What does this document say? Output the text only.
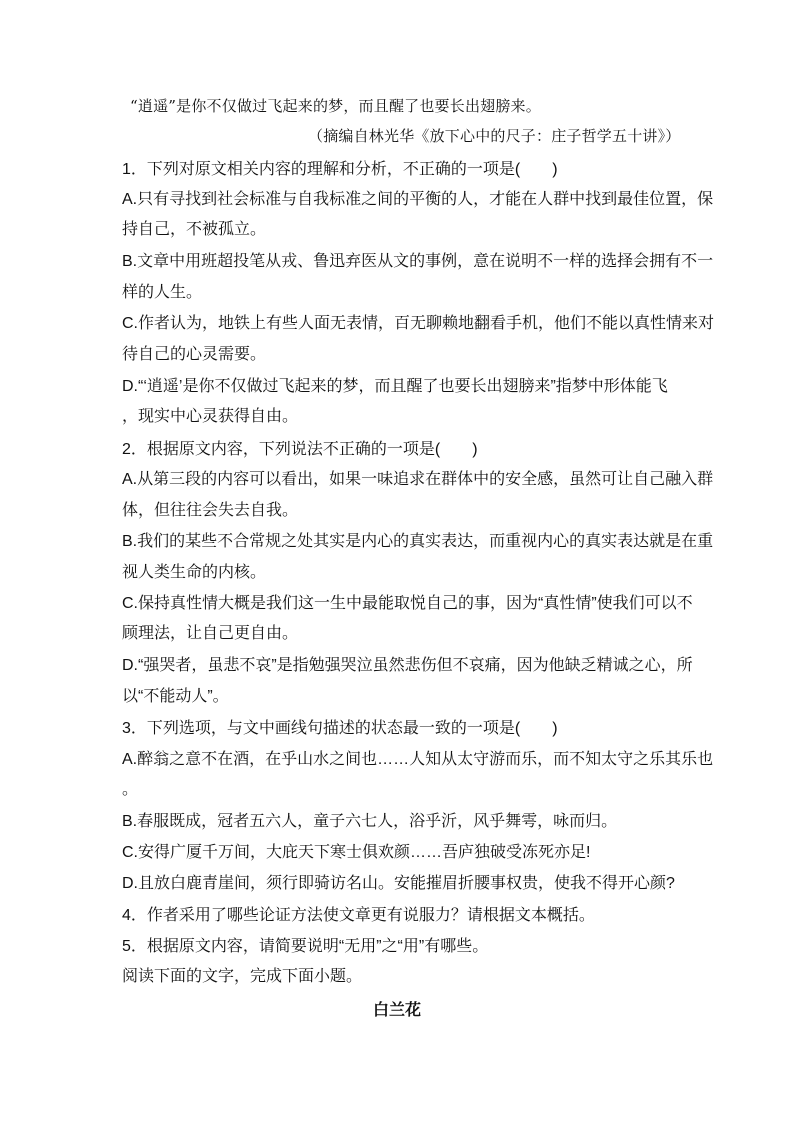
“逍遥”是你不仅做过飞起来的梦，而且醒了也要长出翅膀来。
（摘编自林光华《放下心中的尺子：庄子哲学五十讲》）
1．下列对原文相关内容的理解和分析，不正确的一项是(　　)
A.只有寻找到社会标准与自我标准之间的平衡的人，才能在人群中找到最佳位置，保
持自己，不被孤立。
B.文章中用班超投笔从戎、鲁迅弃医从文的事例，意在说明不一样的选择会拥有不一
样的人生。
C.作者认为，地铁上有些人面无表情，百无聊赖地翻看手机，他们不能以真性情来对
待自己的心灵需要。
D.“‘逍遥’是你不仅做过飞起来的梦，而且醒了也要长出翅膀来”指梦中形体能飞
，现实中心灵获得自由。
2．根据原文内容，下列说法不正确的一项是(　　)
A.从第三段的内容可以看出，如果一味追求在群体中的安全感，虽然可让自己融入群
体，但往往会失去自我。
B.我们的某些不合常规之处其实是内心的真实表达，而重视内心的真实表达就是在重
视人类生命的内核。
C.保持真性情大概是我们这一生中最能取悦自己的事，因为“真性情”使我们可以不
顾理法，让自己更自由。
D.“强哭者，虽悲不哀”是指勉强哭泣虽然悲伤但不哀痛，因为他缺乏精诚之心，所
以“不能动人”。
3．下列选项，与文中画线句描述的状态最一致的一项是(　　)
A.醉翁之意不在酒，在乎山水之间也……人知从太守游而乐，而不知太守之乐其乐也
。
B.春服既成，冠者五六人，童子六七人，浴乎沂，风乎舞雩，咏而归。
C.安得广厦千万间，大庇天下寒士俱欢颜……吾庐独破受冻死亦足!
D.且放白鹿青崖间，须行即骑访名山。安能摧眉折腰事权贵，使我不得开心颜?
4．作者采用了哪些论证方法使文章更有说服力？请根据文本概括。
5．根据原文内容，请简要说明“无用”之“用”有哪些。
阅读下面的文字，完成下面小题。
白兰花
